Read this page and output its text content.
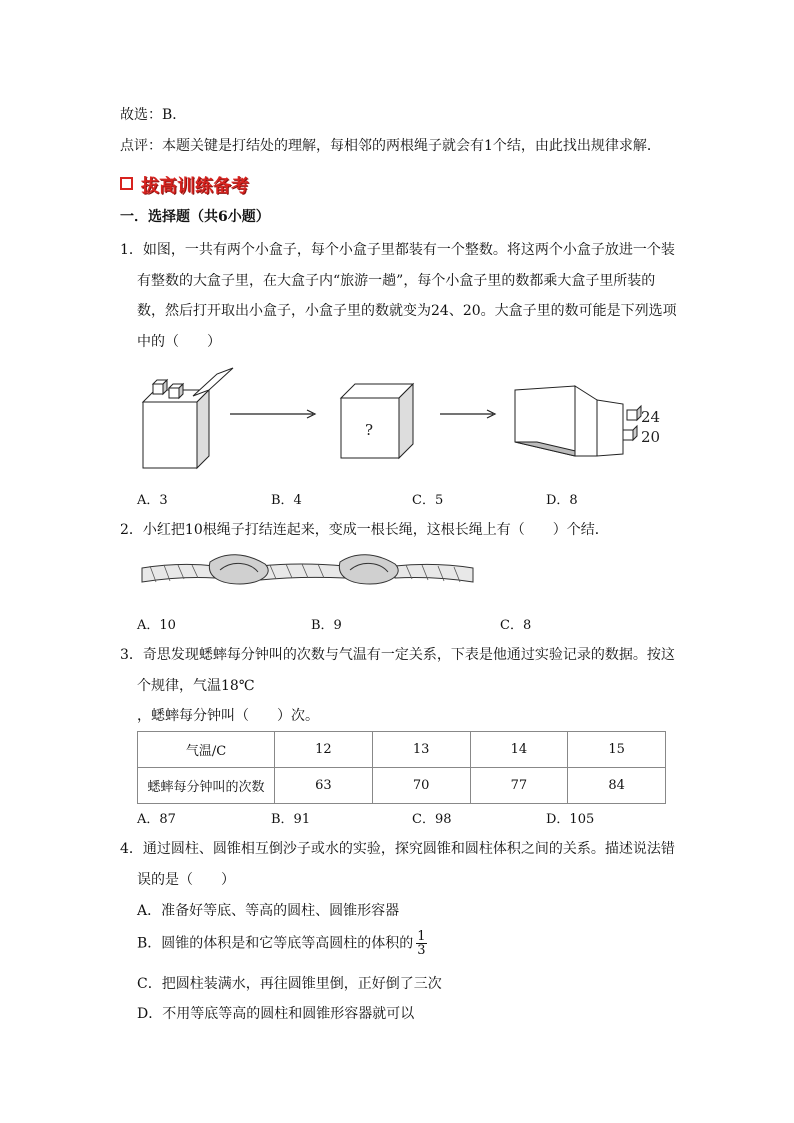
故选：B．
点评：本题关键是打结处的理解，每相邻的两根绳子就会有1个结，由此找出规律求解．
拔高训练备考
一．选择题（共6小题）
1．如图，一共有两个小盒子，每个小盒子里都装有一个整数。将这两个小盒子放进一个装
有整数的大盒子里，在大盒子内“旅游一趟”，每个小盒子里的数都乘大盒子里所装的
数，然后打开取出小盒子，小盒子里的数就变为24、20。大盒子里的数可能是下列选项
中的（　　）
?
24
20
A．3	B．4	C．5	D．8
2．小红把10根绳子打结连起来，变成一根长绳，这根长绳上有（　　）个结．
A．10	B．9	C．8
3．奇思发现蟋蟀每分钟叫的次数与气温有一定关系，下表是他通过实验记录的数据。按这
个规律，气温18℃
，蟋蟀每分钟叫（　　）次。
气温/C	12	13	14	15
蟋蟀每分钟叫的次数	63	70	77	84
A．87	B．91	C．98	D．105
4．通过圆柱、圆锥相互倒沙子或水的实验，探究圆锥和圆柱体积之间的关系。描述说法错
误的是（　　）
A．准备好等底、等高的圆柱、圆锥形容器
B．圆锥的体积是和它等底等高圆柱的体积的 $\frac{1}{3}$
C．把圆柱装满水，再往圆锥里倒，正好倒了三次
D．不用等底等高的圆柱和圆锥形容器就可以
